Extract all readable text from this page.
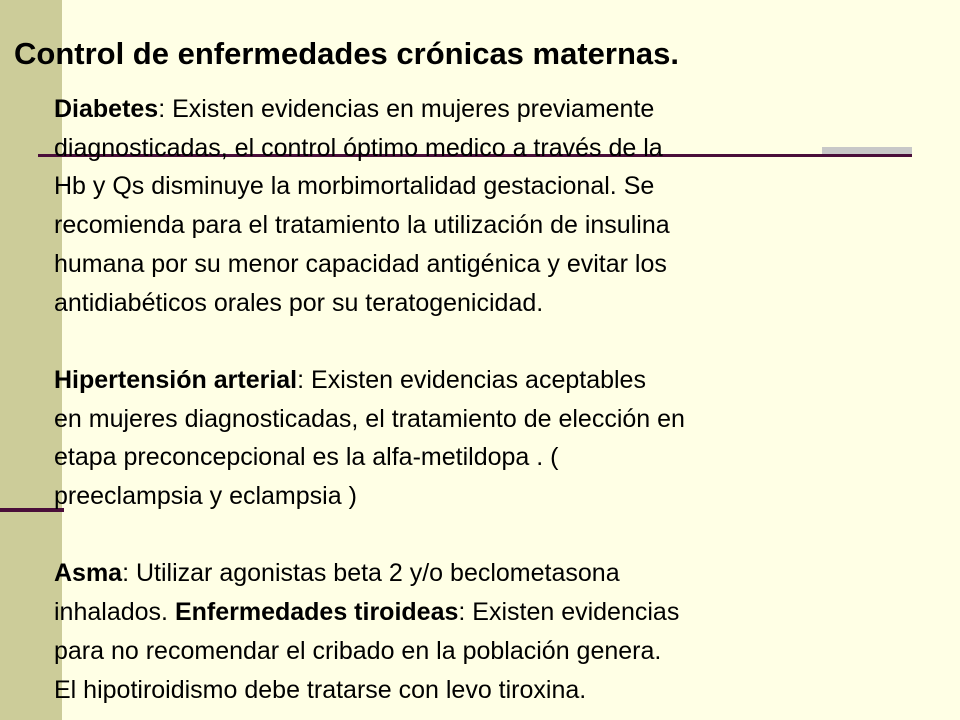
Control de enfermedades crónicas maternas.

Diabetes: Existen evidencias en mujeres previamente
diagnosticadas, el control óptimo medico a través de la
Hb y Qs disminuye la morbimortalidad gestacional. Se
recomienda para el tratamiento la utilización de insulina
humana por su menor capacidad antigénica y evitar los
antidiabéticos orales por su teratogenicidad.

Hipertensión arterial: Existen evidencias aceptables
en mujeres diagnosticadas, el tratamiento de elección en
etapa preconcepcional es la alfa-metildopa . (
preeclampsia y eclampsia )

Asma: Utilizar agonistas beta 2 y/o beclometasona
inhalados. Enfermedades tiroideas: Existen evidencias
para no recomendar el cribado en la población genera.
El hipotiroidismo debe tratarse con levo tiroxina.
